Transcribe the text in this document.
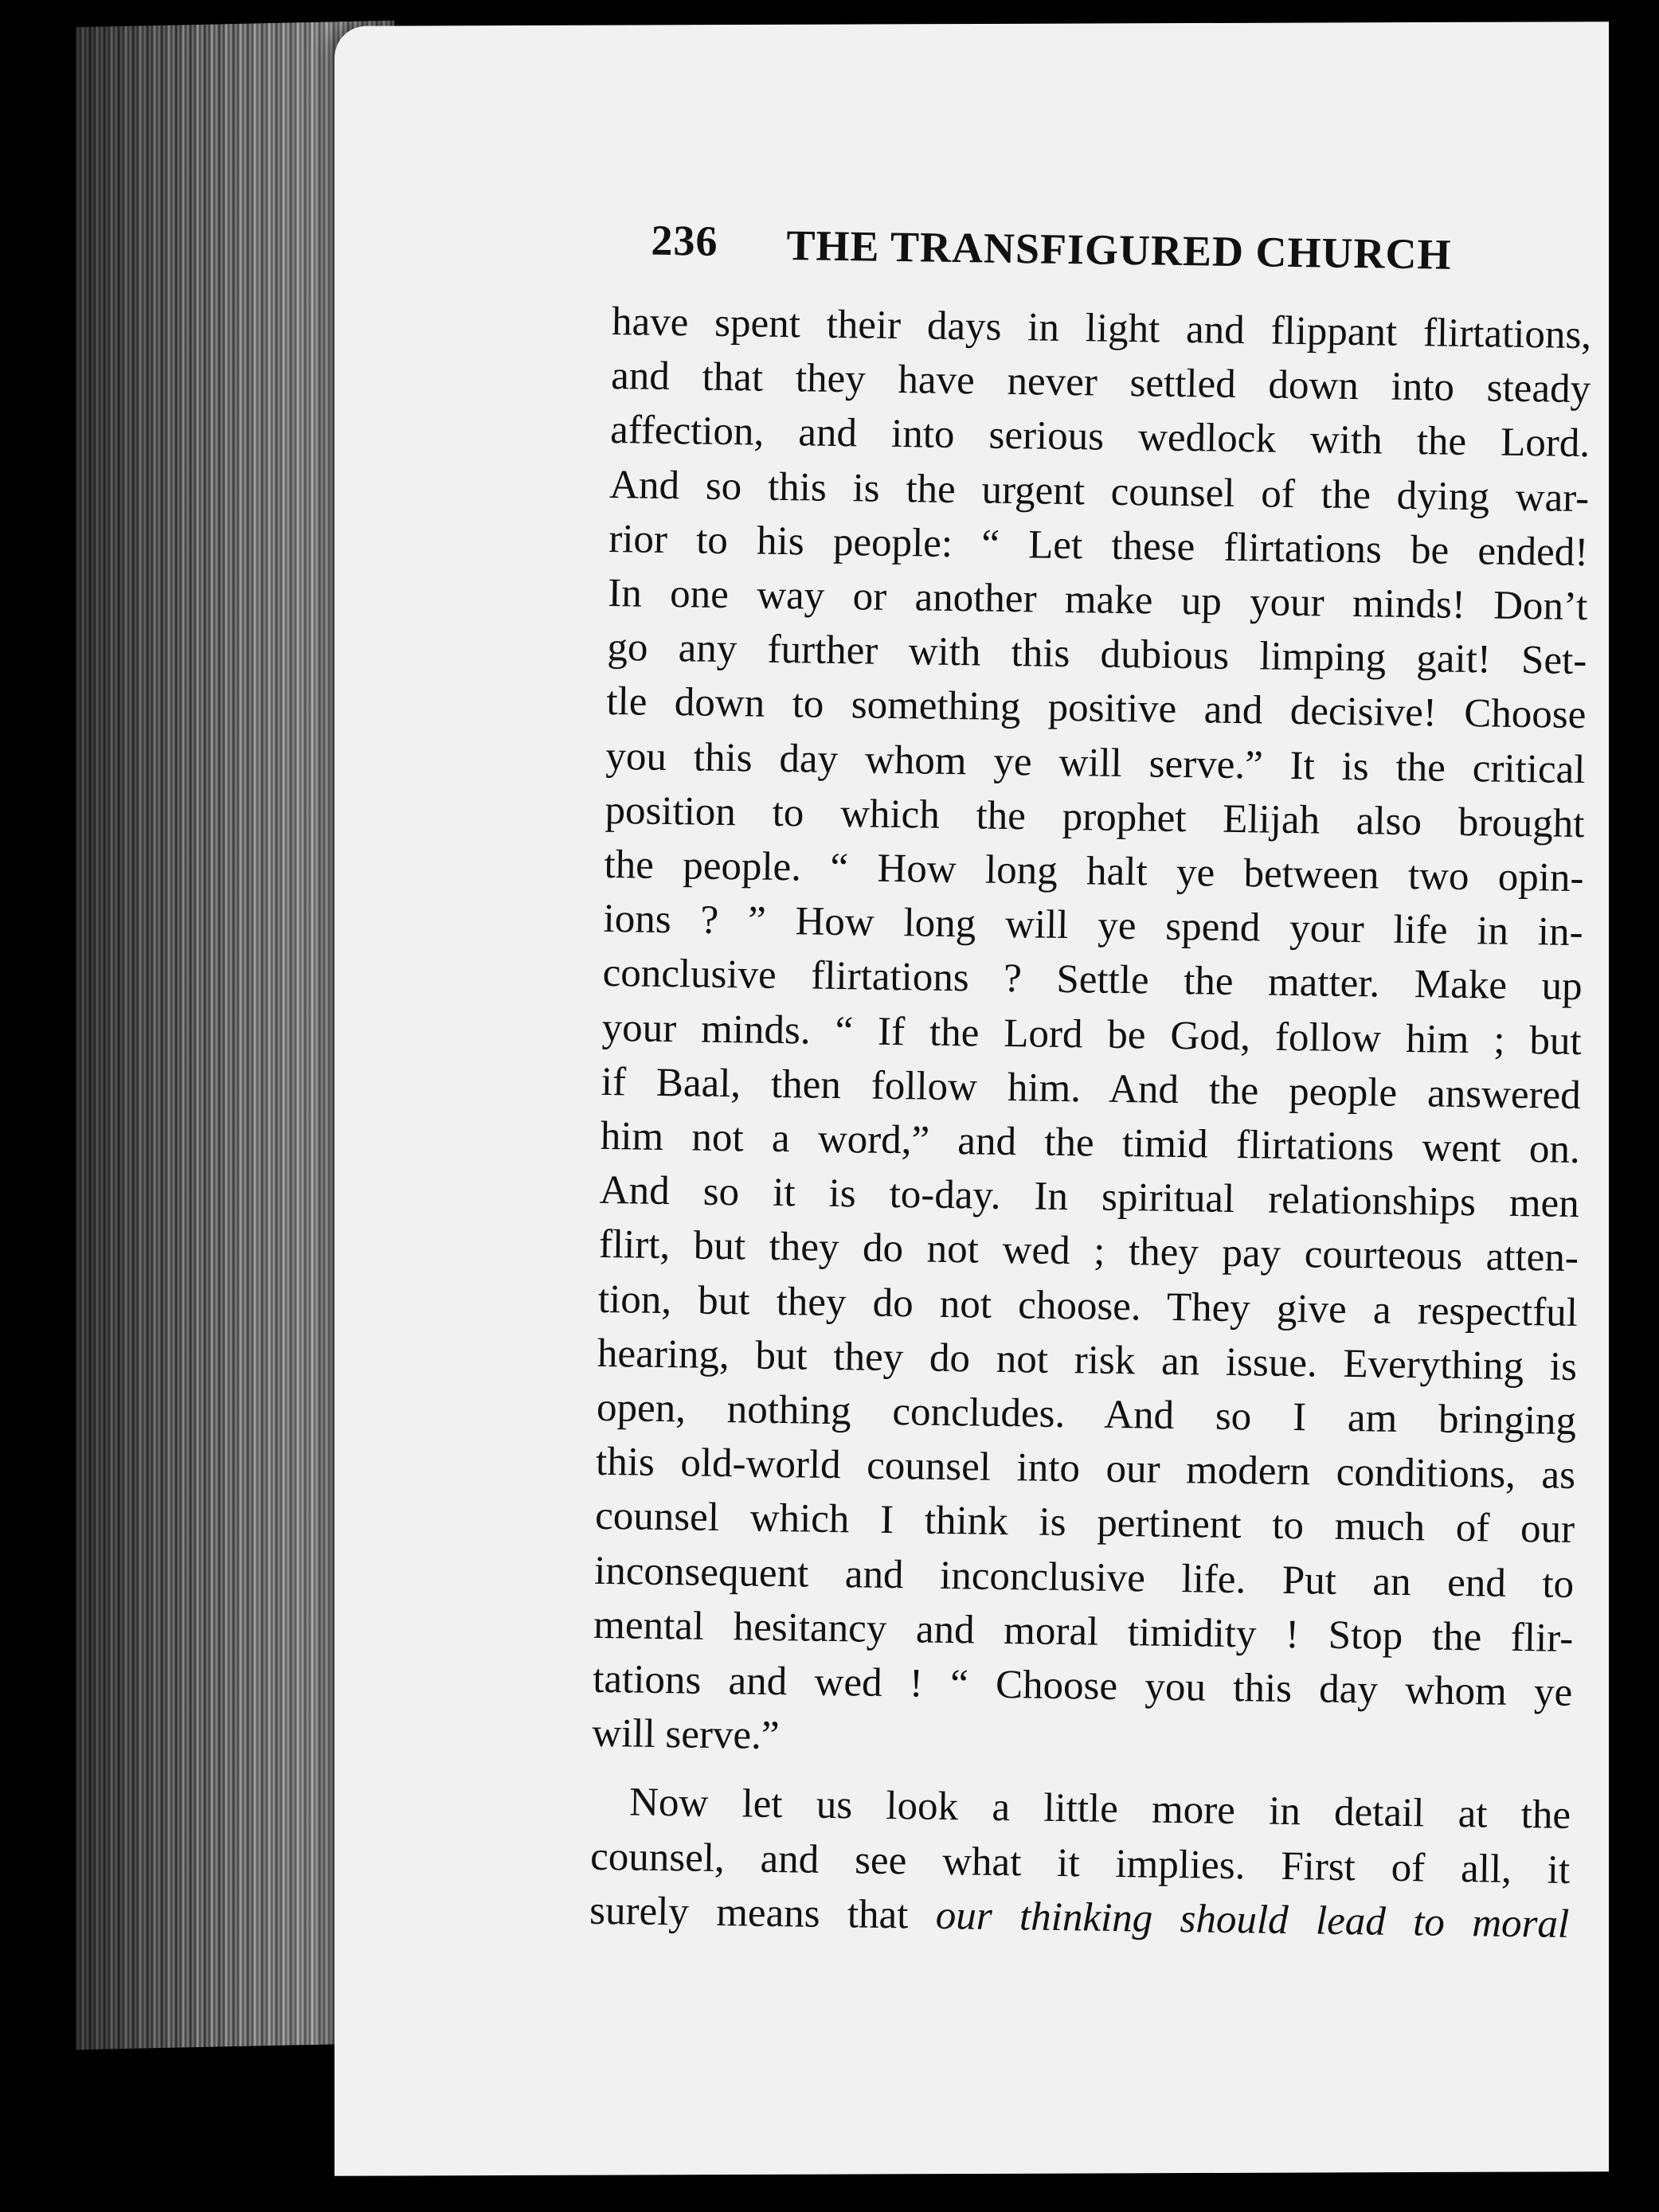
236 THE TRANSFIGURED CHURCH
have spent their days in light and flippant flirtations,
and that they have never settled down into steady
affection, and into serious wedlock with the Lord.
And so this is the urgent counsel of the dying war-
rior to his people: “ Let these flirtations be ended!
In one way or another make up your minds! Don’t
go any further with this dubious limping gait! Set-
tle down to something positive and decisive! Choose
you this day whom ye will serve.” It is the critical
position to which the prophet Elijah also brought
the people. “ How long halt ye between two opin-
ions ? ” How long will ye spend your life in in-
conclusive flirtations ? Settle the matter. Make up
your minds. “ If the Lord be God, follow him ; but
if Baal, then follow him. And the people answered
him not a word,” and the timid flirtations went on.
And so it is to-day. In spiritual relationships men
flirt, but they do not wed ; they pay courteous atten-
tion, but they do not choose. They give a respectful
hearing, but they do not risk an issue. Everything is
open, nothing concludes. And so I am bringing
this old-world counsel into our modern conditions, as
counsel which I think is pertinent to much of our
inconsequent and inconclusive life. Put an end to
mental hesitancy and moral timidity ! Stop the flir-
tations and wed ! “ Choose you this day whom ye
will serve.”
Now let us look a little more in detail at the
counsel, and see what it implies. First of all, it
surely means that our thinking should lead to moral
